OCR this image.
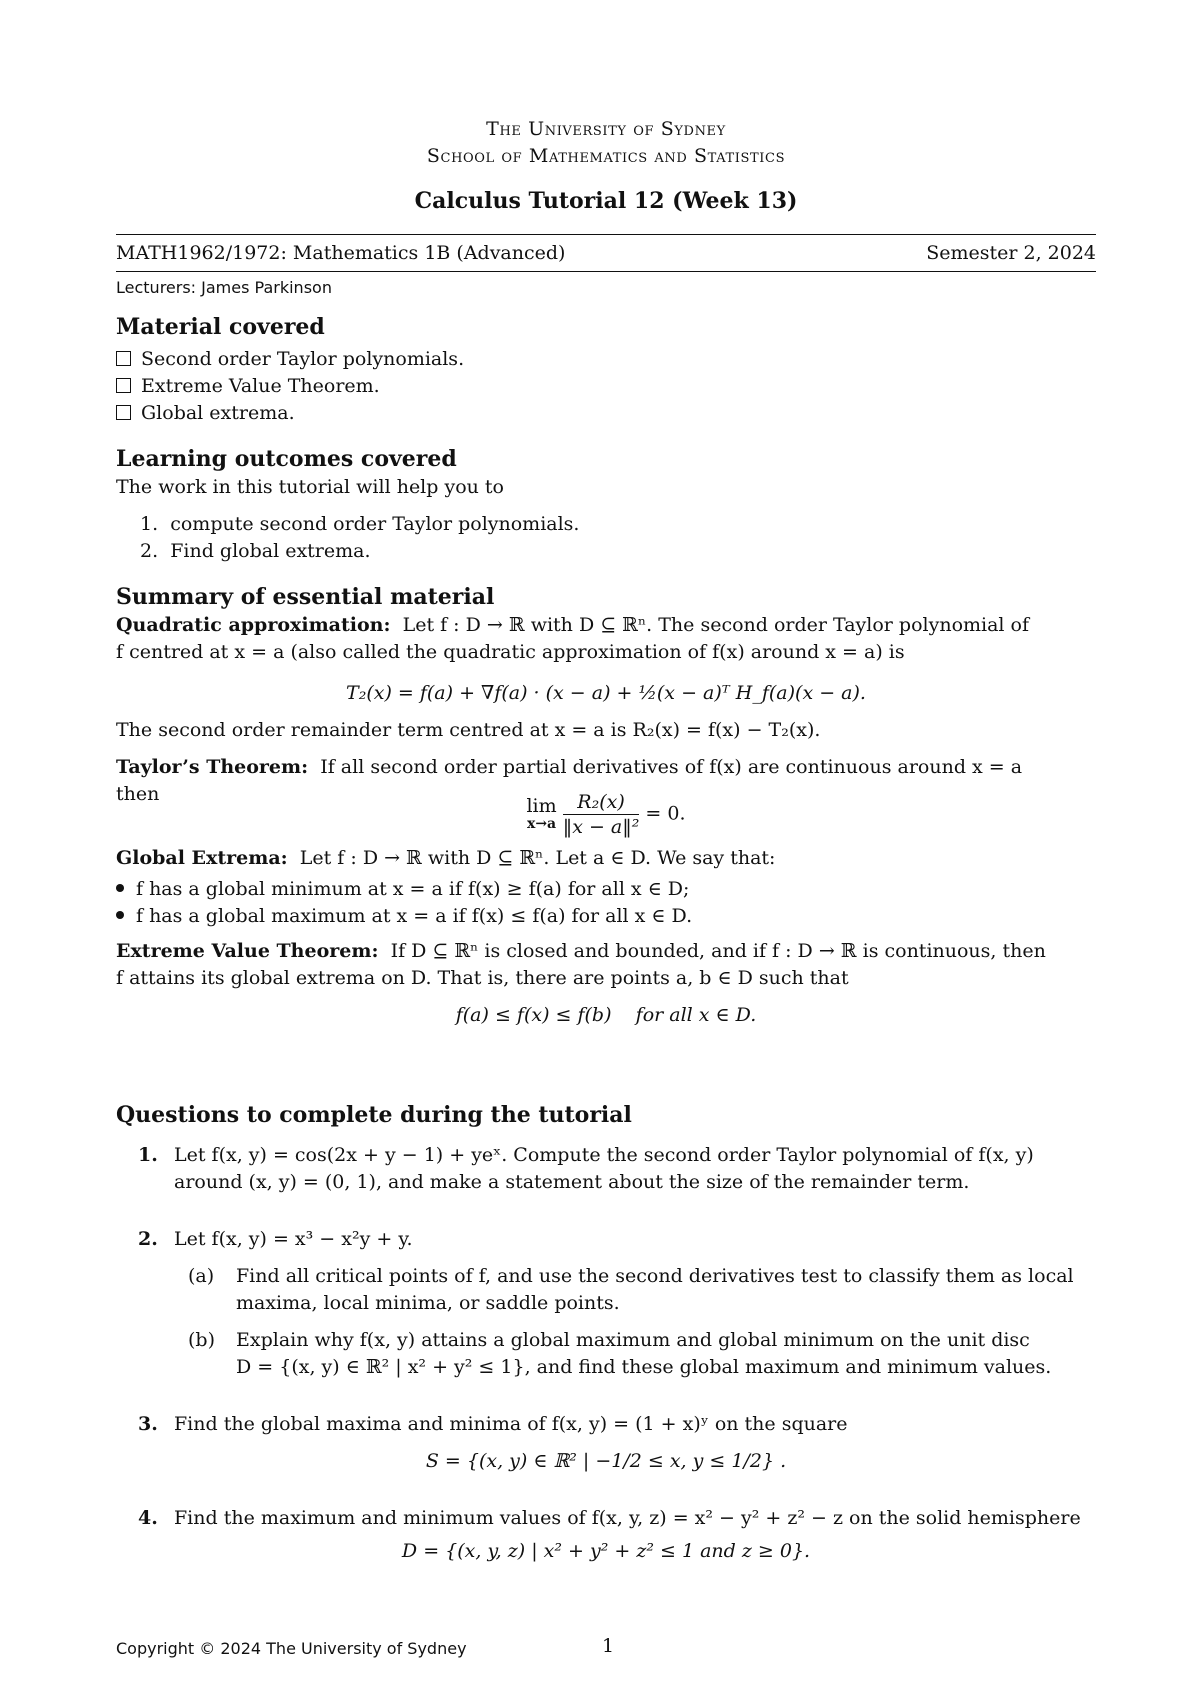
The University of Sydney
School of Mathematics and Statistics
Calculus Tutorial 12 (Week 13)
MATH1962/1972: Mathematics 1B (Advanced)	Semester 2, 2024
Lecturers: James Parkinson
Material covered
Second order Taylor polynomials.
Extreme Value Theorem.
Global extrema.
Learning outcomes covered
The work in this tutorial will help you to
1.  compute second order Taylor polynomials.
2.  Find global extrema.
Summary of essential material
Quadratic approximation: Let f : D → ℝ with D ⊆ ℝⁿ. The second order Taylor polynomial of
f centred at x = a (also called the quadratic approximation of f(x) around x = a) is
T₂(x) = f(a) + ∇f(a) · (x − a) + ½(x − a)ᵀ H_f(a)(x − a).
The second order remainder term centred at x = a is R₂(x) = f(x) − T₂(x).
Taylor’s Theorem: If all second order partial derivatives of f(x) are continuous around x = a
then
lim
x→a
$\frac{\text{R₂(x)}}{\text{‖x − a‖²}} = 0$.
Global Extrema: Let f : D → ℝ with D ⊆ ℝⁿ. Let a ∈ D. We say that:
f has a global minimum at x = a if f(x) ≥ f(a) for all x ∈ D;
f has a global maximum at x = a if f(x) ≤ f(a) for all x ∈ D.
Extreme Value Theorem: If D ⊆ ℝⁿ is closed and bounded, and if f : D → ℝ is continuous, then
f attains its global extrema on D. That is, there are points a, b ∈ D such that
f(a) ≤ f(x) ≤ f(b)    for all x ∈ D.
Questions to complete during the tutorial
1. Let f(x, y) = cos(2x + y − 1) + yeˣ. Compute the second order Taylor polynomial of f(x, y)
around (x, y) = (0, 1), and make a statement about the size of the remainder term.
2. Let f(x, y) = x³ − x²y + y.
(a) Find all critical points of f, and use the second derivatives test to classify them as local
maxima, local minima, or saddle points.
(b) Explain why f(x, y) attains a global maximum and global minimum on the unit disc
D = {(x, y) ∈ ℝ² | x² + y² ≤ 1}, and find these global maximum and minimum values.
3. Find the global maxima and minima of f(x, y) = (1 + x)ʸ on the square
S = {(x, y) ∈ ℝ² | −1/2 ≤ x, y ≤ 1/2} .
4. Find the maximum and minimum values of f(x, y, z) = x² − y² + z² − z on the solid hemisphere
D = {(x, y, z) | x² + y² + z² ≤ 1 and z ≥ 0}.
Copyright © 2024 The University of Sydney	1
